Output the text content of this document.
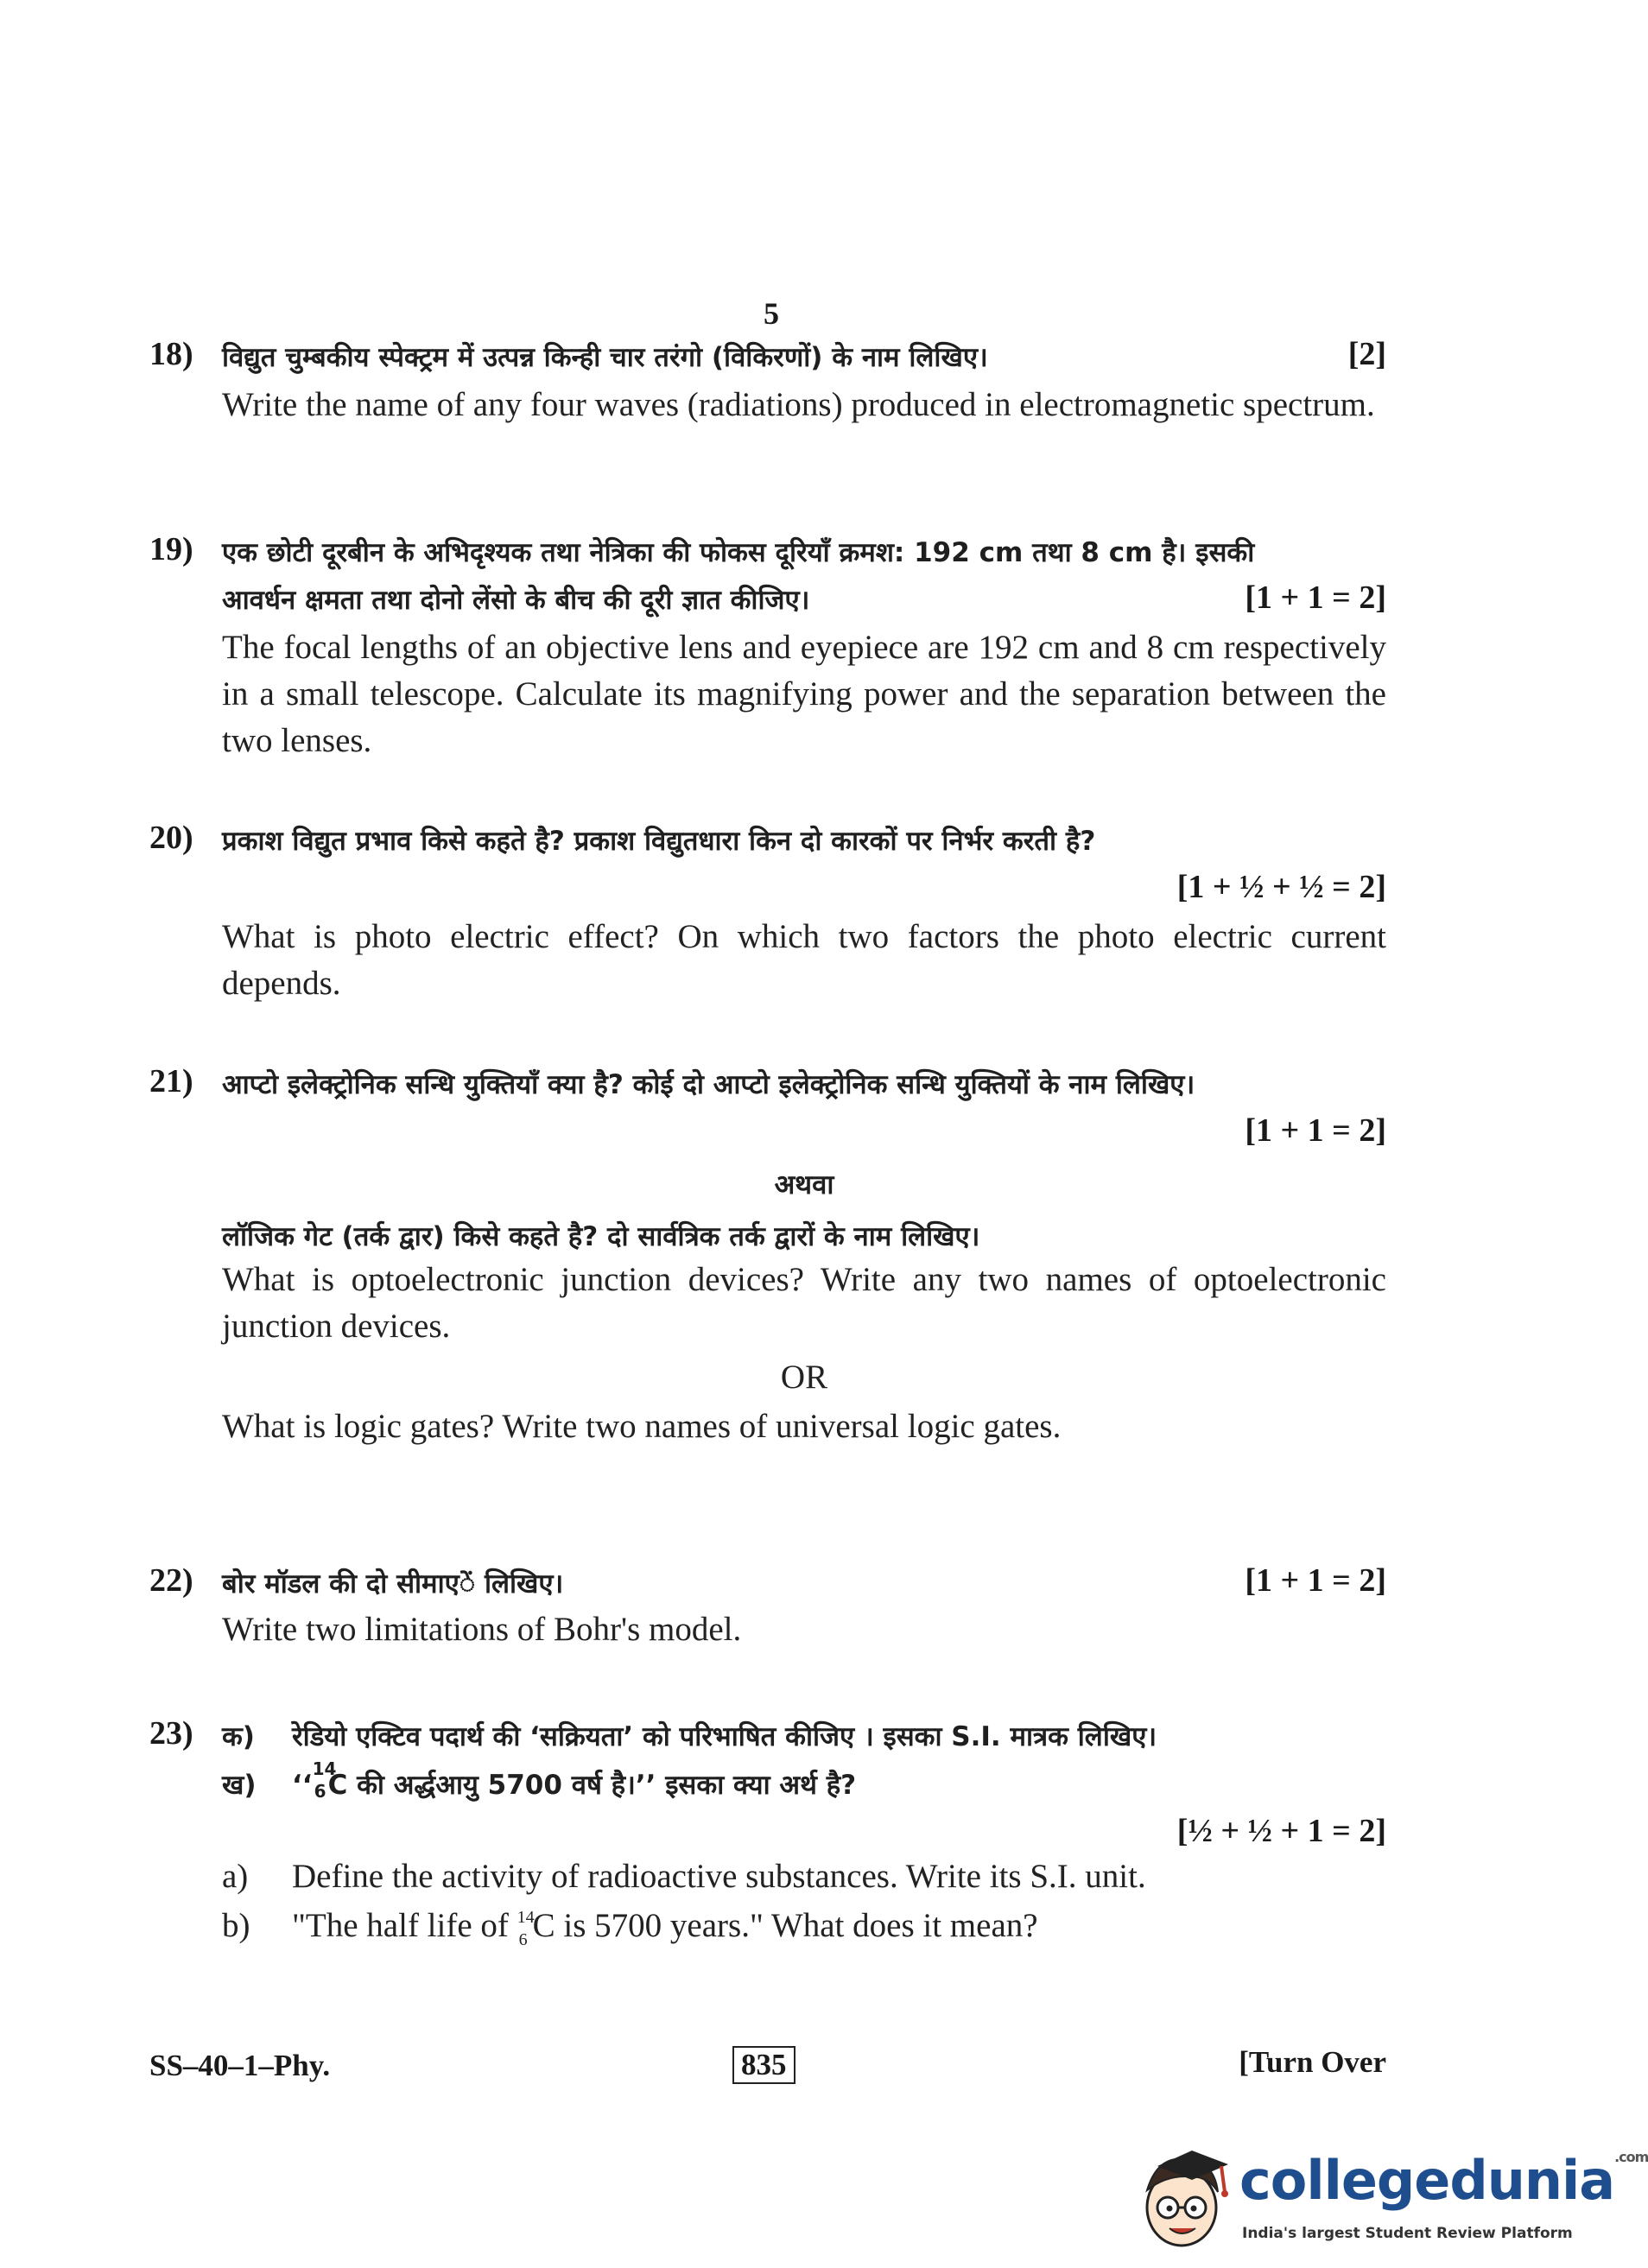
5
18) विद्युत चुम्बकीय स्पेक्ट्रम में उत्पन्न किन्ही चार तरंगो (विकिरणों) के नाम लिखिए।	[2]
Write the name of any four waves (radiations) produced in electromagnetic spectrum.
19) एक छोटी दूरबीन के अभिदृश्यक तथा नेत्रिका की फोकस दूरियाँ क्रमश: 192 cm तथा 8 cm है। इसकी
आवर्धन क्षमता तथा दोनो लेंसो के बीच की दूरी ज्ञात कीजिए।	[1 + 1 = 2]
The focal lengths of an objective lens and eyepiece are 192 cm and 8 cm respectively in a small telescope. Calculate its magnifying power and the separation between the two lenses.
20) प्रकाश विद्युत प्रभाव किसे कहते है? प्रकाश विद्युतधारा किन दो कारकों पर निर्भर करती है?
[1 + ½ + ½ = 2]
What is photo electric effect? On which two factors the photo electric current depends.
21) आप्टो इलेक्ट्रोनिक सन्धि युक्तियाँ क्या है? कोई दो आप्टो इलेक्ट्रोनिक सन्धि युक्तियों के नाम लिखिए।
[1 + 1 = 2]
अथवा
लॉजिक गेट (तर्क द्वार) किसे कहते है? दो सार्वत्रिक तर्क द्वारों के नाम लिखिए।
What is optoelectronic junction devices? Write any two names of optoelectronic junction devices.
OR
What is logic gates? Write two names of universal logic gates.
22) बोर मॉडल की दो सीमाएें लिखिए।	[1 + 1 = 2]
Write two limitations of Bohr's model.
23) क) रेडियो एक्टिव पदार्थ की ‘सक्रियता’ को परिभाषित कीजिए । इसका S.I. मात्रक लिखिए।
ख) ‘‘
14
6 C की अर्द्धआयु 5700 वर्ष है।’’ इसका क्या अर्थ है?
[½ + ½ + 1 = 2]
a) Define the activity of radioactive substances. Write its S.I. unit.
b) "The half life of 14
6 C is 5700 years." What does it mean?
SS–40–1–Phy.	835	[Turn Over
collegedunia$^{.com}$
India's largest Student Review Platform
